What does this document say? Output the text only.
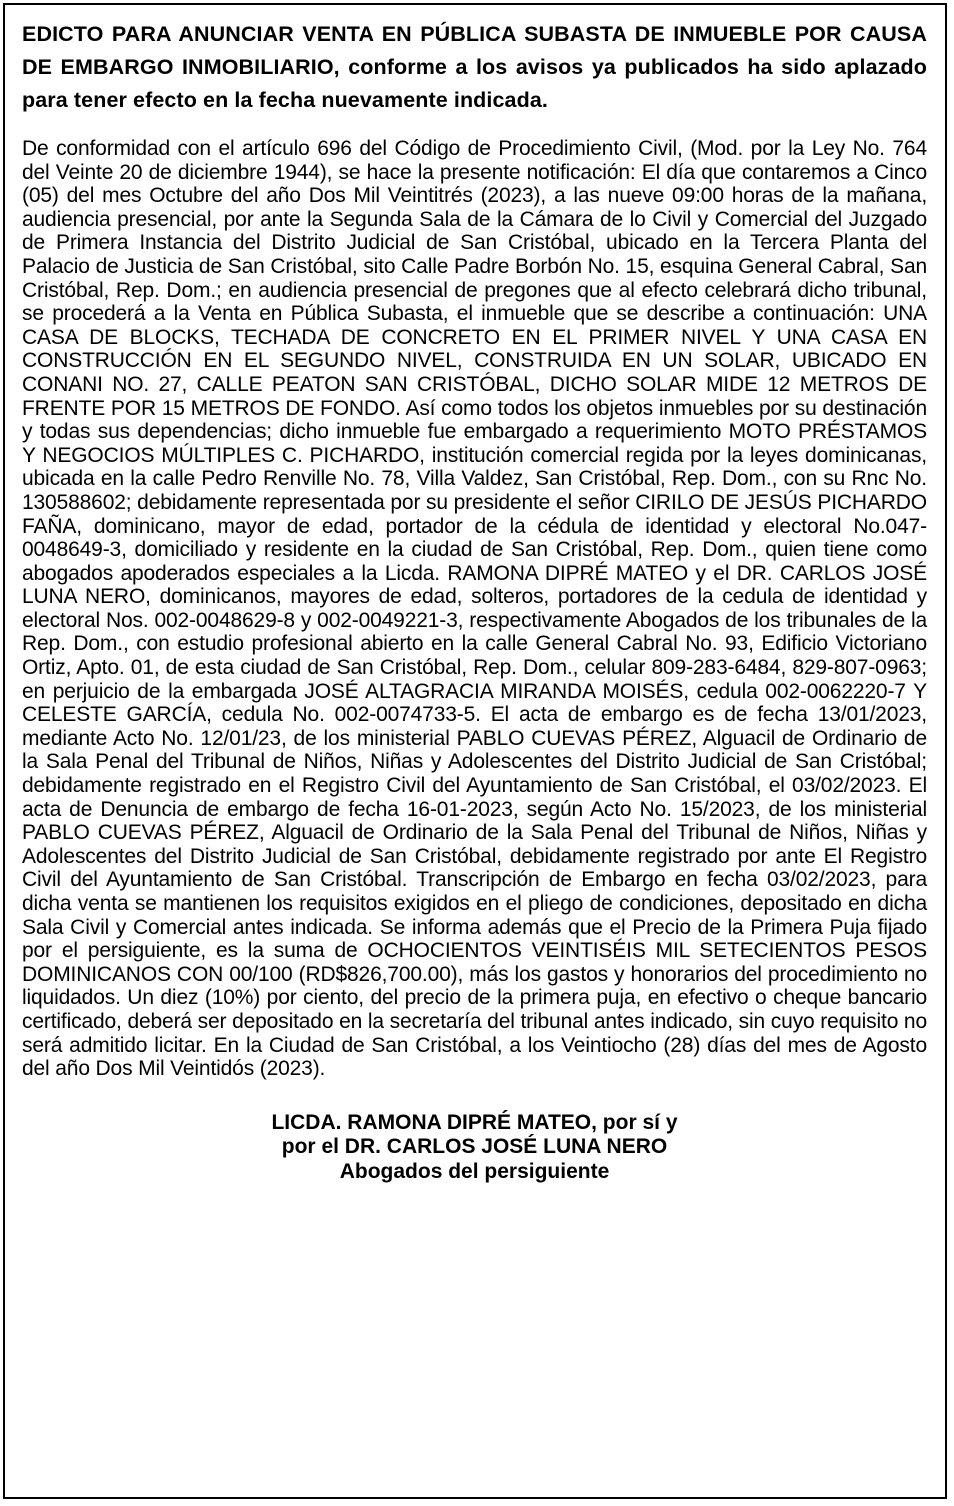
EDICTO PARA ANUNCIAR VENTA EN PÚBLICA SUBASTA DE INMUEBLE POR CAUSA DE EMBARGO INMOBILIARIO, conforme a los avisos ya publicados ha sido aplazado para tener efecto en la fecha nuevamente indicada.

De conformidad con el artículo 696 del Código de Procedimiento Civil, (Mod. por la Ley No. 764 del Veinte 20 de diciembre 1944), se hace la presente notificación: El día que contaremos a Cinco (05) del mes Octubre del año Dos Mil Veintitrés (2023), a las nueve 09:00 horas de la mañana, audiencia presencial, por ante la Segunda Sala de la Cámara de lo Civil y Comercial del Juzgado de Primera Instancia del Distrito Judicial de San Cristóbal, ubicado en la Tercera Planta del Palacio de Justicia de San Cristóbal, sito Calle Padre Borbón No. 15, esquina General Cabral, San Cristóbal, Rep. Dom.; en audiencia presencial de pregones que al efecto celebrará dicho tribunal, se procederá a la Venta en Pública Subasta, el inmueble que se describe a continuación: UNA CASA DE BLOCKS, TECHADA DE CONCRETO EN EL PRIMER NIVEL Y UNA CASA EN CONSTRUCCIÓN EN EL SEGUNDO NIVEL, CONSTRUIDA EN UN SOLAR, UBICADO EN CONANI NO. 27, CALLE PEATON SAN CRISTÓBAL, DICHO SOLAR MIDE 12 METROS DE FRENTE POR 15 METROS DE FONDO. Así como todos los objetos inmuebles por su destinación y todas sus dependencias; dicho inmueble fue embargado a requerimiento MOTO PRÉSTAMOS Y NEGOCIOS MÚLTIPLES C. PICHARDO, institución comercial regida por la leyes dominicanas, ubicada en la calle Pedro Renville No. 78, Villa Valdez, San Cristóbal, Rep. Dom., con su Rnc No. 130588602; debidamente representada por su presidente el señor CIRILO DE JESÚS PICHARDO FAÑA, dominicano, mayor de edad, portador de la cédula de identidad y electoral No.047-0048649-3, domiciliado y residente en la ciudad de San Cristóbal, Rep. Dom., quien tiene como abogados apoderados especiales a la Licda. RAMONA DIPRÉ MATEO y el DR. CARLOS JOSÉ LUNA NERO, dominicanos, mayores de edad, solteros, portadores de la cedula de identidad y electoral Nos. 002-0048629-8 y 002-0049221-3, respectivamente Abogados de los tribunales de la Rep. Dom., con estudio profesional abierto en la calle General Cabral No. 93, Edificio Victoriano Ortiz, Apto. 01, de esta ciudad de San Cristóbal, Rep. Dom., celular 809-283-6484, 829-807-0963; en perjuicio de la embargada JOSÉ ALTAGRACIA MIRANDA MOISÉS, cedula 002-0062220-7 Y CELESTE GARCÍA, cedula No. 002-0074733-5. El acta de embargo es de fecha 13/01/2023, mediante Acto No. 12/01/23, de los ministerial PABLO CUEVAS PÉREZ, Alguacil de Ordinario de la Sala Penal del Tribunal de Niños, Niñas y Adolescentes del Distrito Judicial de San Cristóbal; debidamente registrado en el Registro Civil del Ayuntamiento de San Cristóbal, el 03/02/2023. El acta de Denuncia de embargo de fecha 16-01-2023, según Acto No. 15/2023, de los ministerial PABLO CUEVAS PÉREZ, Alguacil de Ordinario de la Sala Penal del Tribunal de Niños, Niñas y Adolescentes del Distrito Judicial de San Cristóbal, debidamente registrado por ante El Registro Civil del Ayuntamiento de San Cristóbal. Transcripción de Embargo en fecha 03/02/2023, para dicha venta se mantienen los requisitos exigidos en el pliego de condiciones, depositado en dicha Sala Civil y Comercial antes indicada. Se informa además que el Precio de la Primera Puja fijado por el persiguiente, es la suma de OCHOCIENTOS VEINTISÉIS MIL SETECIENTOS PESOS DOMINICANOS CON 00/100 (RD$826,700.00), más los gastos y honorarios del procedimiento no liquidados. Un diez (10%) por ciento, del precio de la primera puja, en efectivo o cheque bancario certificado, deberá ser depositado en la secretaría del tribunal antes indicado, sin cuyo requisito no será admitido licitar. En la Ciudad de San Cristóbal, a los Veintiocho (28) días del mes de Agosto del año Dos Mil Veintidós (2023).

LICDA. RAMONA DIPRÉ MATEO, por sí y
por el DR. CARLOS JOSÉ LUNA NERO
Abogados del persiguiente
